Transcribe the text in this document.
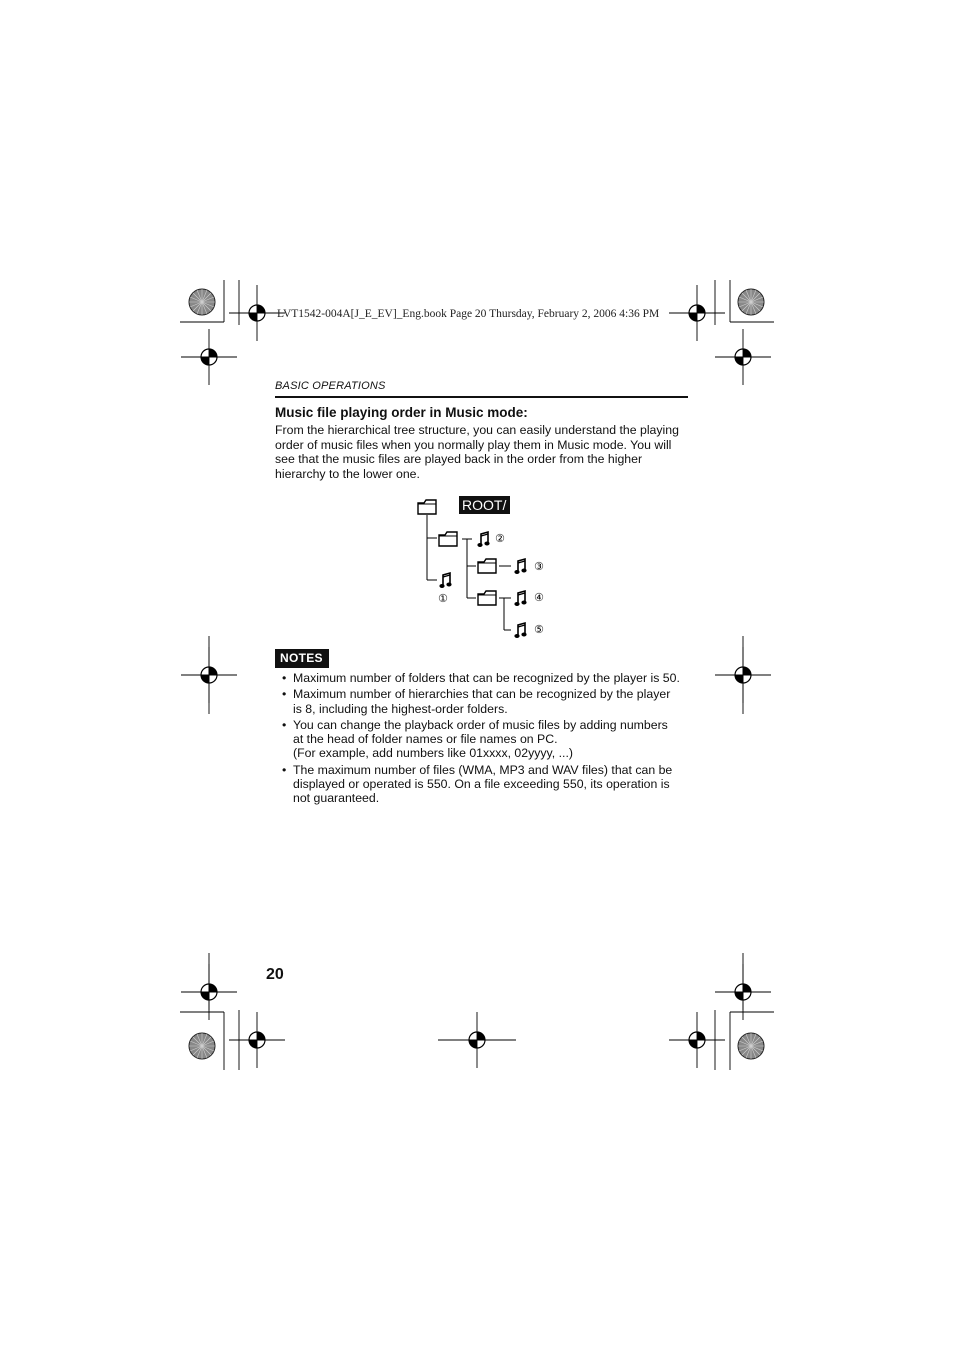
LVT1542-004A[J_E_EV]_Eng.book Page 20 Thursday, February 2, 2006 4:36 PM
BASIC OPERATIONS
Music file playing order in Music mode:
From the hierarchical tree structure, you can easily understand the playing
order of music files when you normally play them in Music mode. You will
see that the music files are played back in the order from the higher
hierarchy to the lower one.
ROOT/
①
②
③
④
⑤
NOTES
• Maximum number of folders that can be recognized by the player is 50.
• Maximum number of hierarchies that can be recognized by the player
is 8, including the highest-order folders.
• You can change the playback order of music files by adding numbers
at the head of folder names or file names on PC.
(For example, add numbers like 01xxxx, 02yyyy, ...)
• The maximum number of files (WMA, MP3 and WAV files) that can be
displayed or operated is 550. On a file exceeding 550, its operation is
not guaranteed.
20
